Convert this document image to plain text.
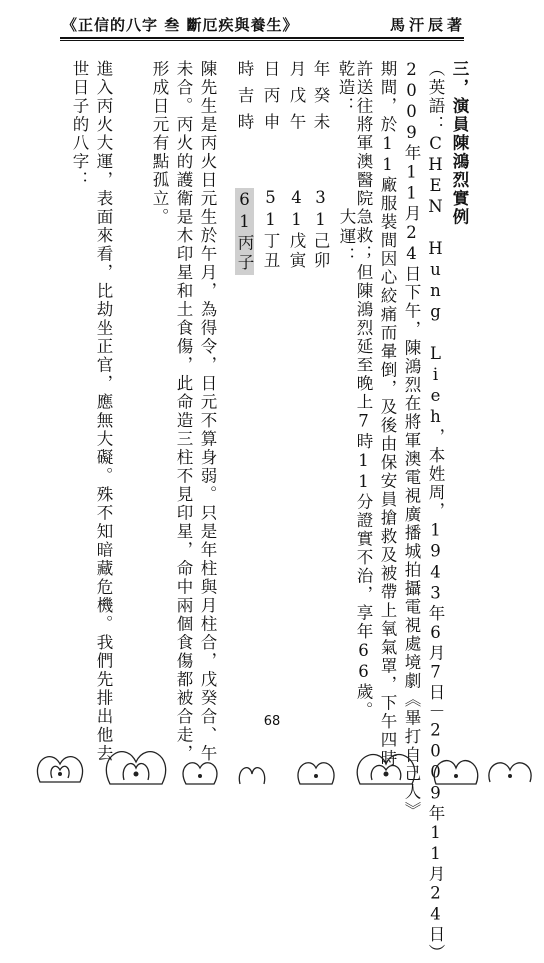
《正信的八字 叁 斷厄疾與養生》	馬汗辰著
三，演員陳鴻烈實例
（英語：CHEN Hung Lieh，本姓周，1943年6月7日－2009年11月24日）
2009年11月24日下午，陳鴻烈在將軍澳電視廣播城拍攝電視處境劇《畢打自己人》
期間，於11廠服裝間因心絞痛而暈倒，及後由保安員搶救及被帶上氧氣罩，下午四時
許送往將軍澳醫院急救；但陳鴻烈延至晚上7時11分證實不治，享年66歲。
乾造：
年癸未
月戊午
日丙申
時吉時
大運：
31己卯
41戊寅
51丁丑
61丙子
陳先生是丙火日元生於午月，為得令，日元不算身弱。只是年柱與月柱合，戊癸合、午
未合。丙火的護衛是木印星和土食傷，此命造三柱不見印星，命中兩個食傷都被合走，
形成日元有點孤立。
進入丙火大運，表面來看，比劫坐正官，應無大礙。殊不知暗藏危機。我們先排出他去
世日子的八字：
68
